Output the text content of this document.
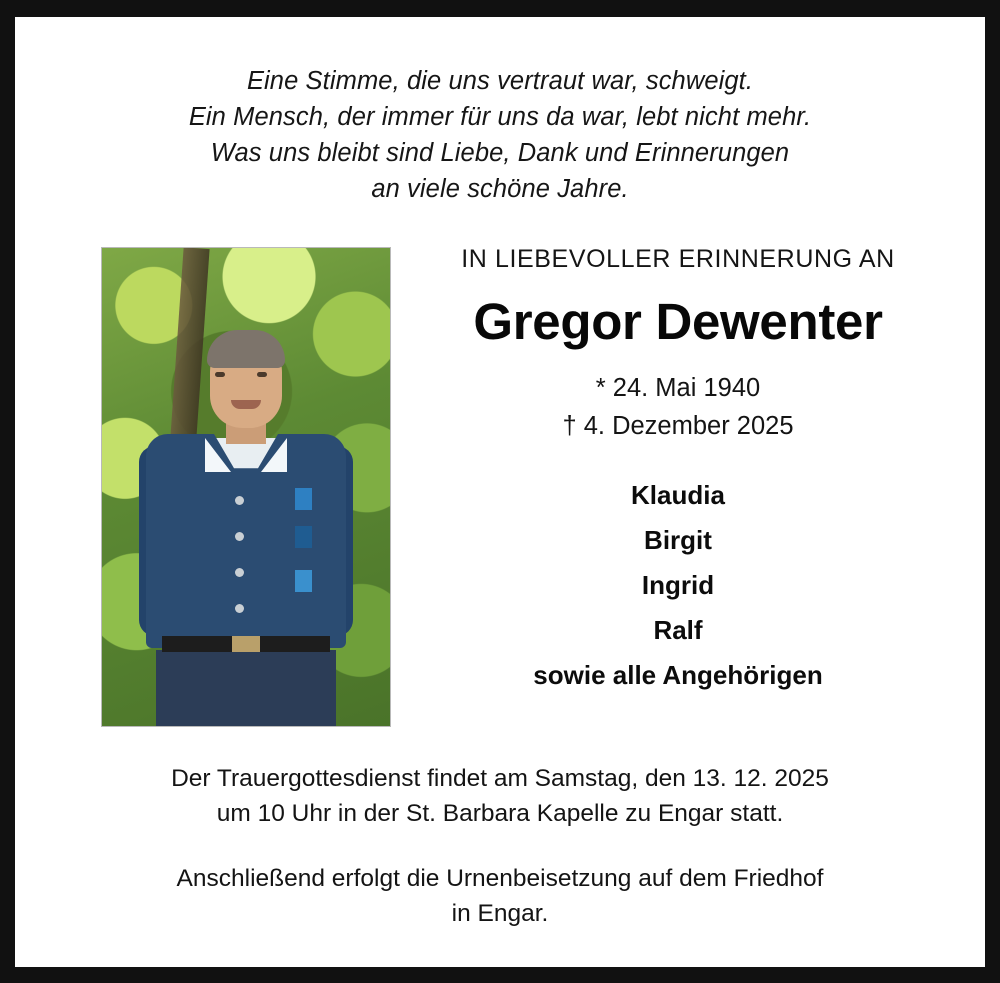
Eine Stimme, die uns vertraut war, schweigt.
Ein Mensch, der immer für uns da war, lebt nicht mehr.
Was uns bleibt sind Liebe, Dank und Erinnerungen
an viele schöne Jahre.
IN LIEBEVOLLER ERINNERUNG AN
Gregor Dewenter
* 24. Mai 1940
† 4. Dezember 2025
Klaudia
Birgit
Ingrid
Ralf
sowie alle Angehörigen
Der Trauergottesdienst findet am Samstag, den 13. 12. 2025
um 10 Uhr in der St. Barbara Kapelle zu Engar statt.
Anschließend erfolgt die Urnenbeisetzung auf dem Friedhof
in Engar.
